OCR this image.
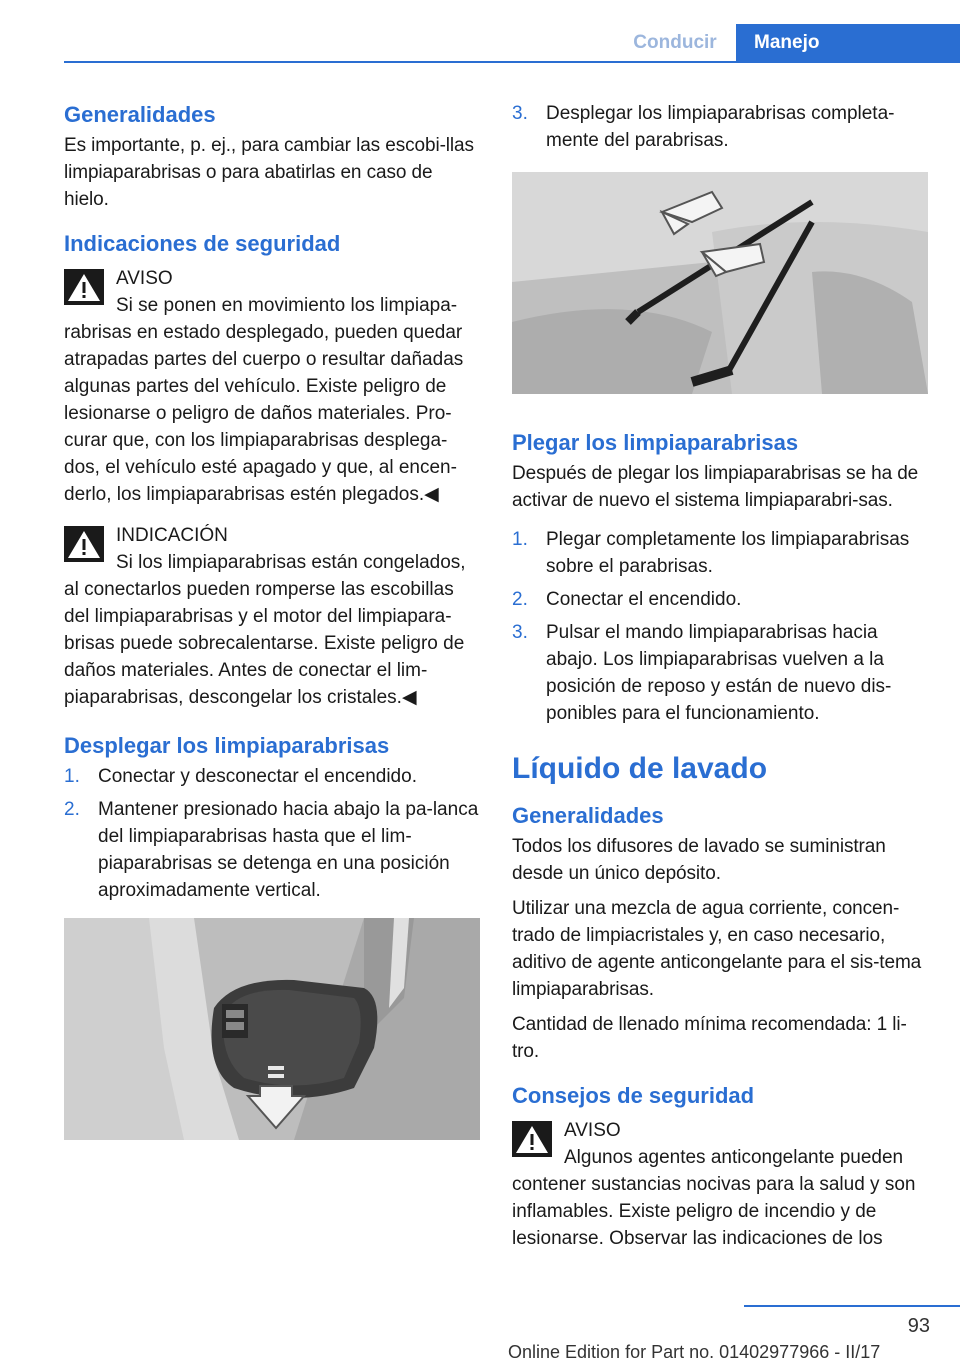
Conducir	Manejo
Generalidades

Es importante, p. ej., para cambiar las escobi-llas limpiaparabrisas o para abatirlas en caso de hielo.

Indicaciones de seguridad
AVISO
Si se ponen en movimiento los limpiapa-
rabrisas en estado desplegado, pueden quedar atrapadas partes del cuerpo o resultar dañadas algunas partes del vehículo. Existe peligro de lesionarse o peligro de daños materiales. Pro-curar que, con los limpiaparabrisas desplega-dos, el vehículo esté apagado y que, al encen-derlo, los limpiaparabrisas estén plegados.◀
INDICACIÓN
Si los limpiaparabrisas están congelados,
al conectarlos pueden romperse las escobillas del limpiaparabrisas y el motor del limpiapara-brisas puede sobrecalentarse. Existe peligro de daños materiales. Antes de conectar el lim-piaparabrisas, descongelar los cristales.◀
Desplegar los limpiaparabrisas
1. Conectar y desconectar el encendido.
2. Mantener presionado hacia abajo la pa-lanca del limpiaparabrisas hasta que el lim-piaparabrisas se detenga en una posición aproximadamente vertical.
3. Desplegar los limpiaparabrisas completa-mente del parabrisas.
Plegar los limpiaparabrisas

Después de plegar los limpiaparabrisas se ha de activar de nuevo el sistema limpiaparabri-sas.

1. Plegar completamente los limpiaparabrisas sobre el parabrisas.
2. Conectar el encendido.
3. Pulsar el mando limpiaparabrisas hacia abajo. Los limpiaparabrisas vuelven a la posición de reposo y están de nuevo dis-ponibles para el funcionamiento.
Líquido de lavado
Generalidades

Todos los difusores de lavado se suministran desde un único depósito.

Utilizar una mezcla de agua corriente, concen-trado de limpiacristales y, en caso necesario, aditivo de agente anticongelante para el sis-tema limpiaparabrisas.

Cantidad de llenado mínima recomendada: 1 li-tro.

Consejos de seguridad
AVISO
Algunos agentes anticongelante pueden
contener sustancias nocivas para la salud y son inflamables. Existe peligro de incendio y de lesionarse. Observar las indicaciones de los
93
Online Edition for Part no. 01402977966 - II/17
